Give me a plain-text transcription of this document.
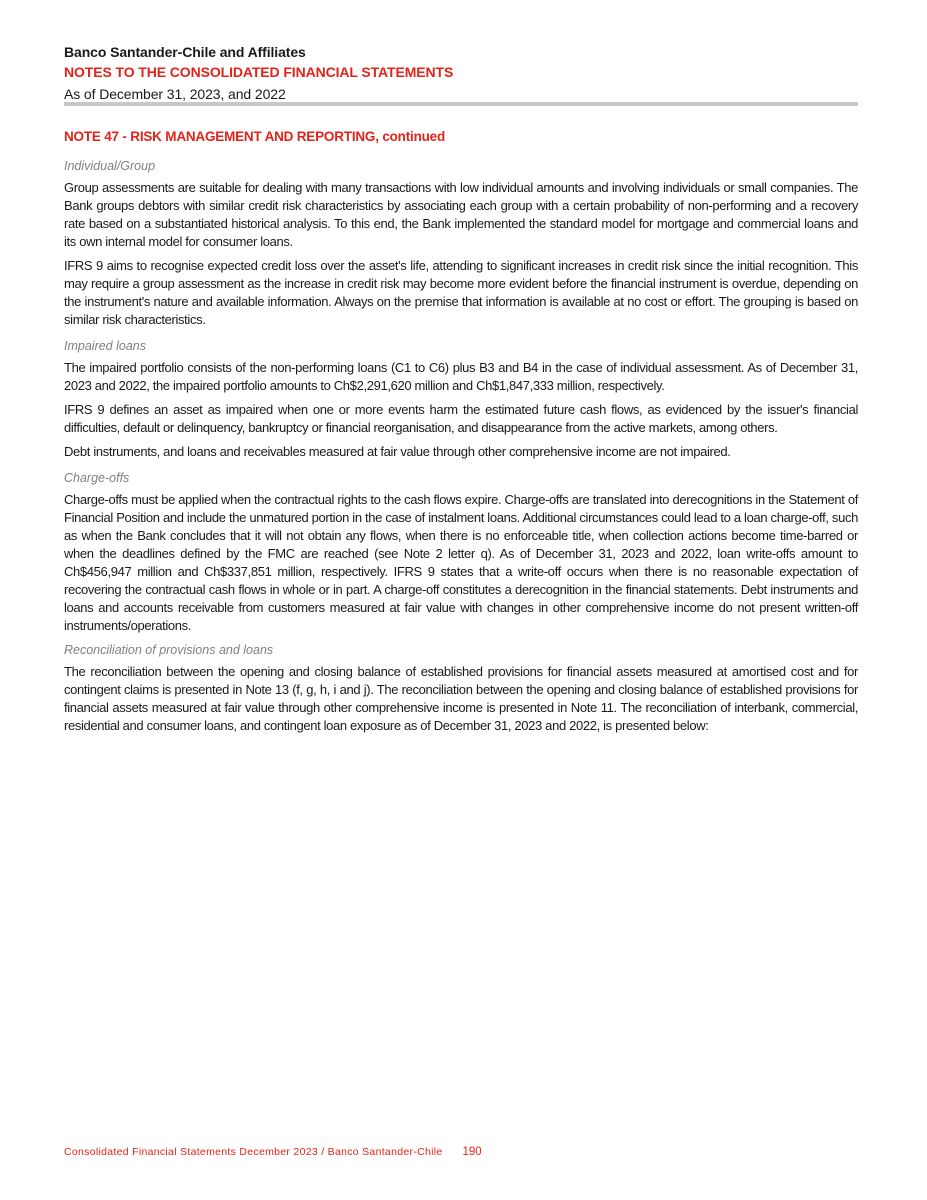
Banco Santander-Chile and Affiliates
NOTES TO THE CONSOLIDATED FINANCIAL STATEMENTS
As of December 31, 2023, and 2022
NOTE 47 - RISK MANAGEMENT AND REPORTING, continued
Individual/Group

Group assessments are suitable for dealing with many transactions with low individual amounts and involving individuals or small companies. The Bank groups debtors with similar credit risk characteristics by associating each group with a certain probability of non-performing and a recovery rate based on a substantiated historical analysis. To this end, the Bank implemented the standard model for mortgage and commercial loans and its own internal model for consumer loans.

IFRS 9 aims to recognise expected credit loss over the asset's life, attending to significant increases in credit risk since the initial recognition. This may require a group assessment as the increase in credit risk may become more evident before the financial instrument is overdue, depending on the instrument's nature and available information. Always on the premise that information is available at no cost or effort. The grouping is based on similar risk characteristics.

Impaired loans

The impaired portfolio consists of the non-performing loans (C1 to C6) plus B3 and B4 in the case of individual assessment. As of December 31, 2023 and 2022, the impaired portfolio amounts to Ch$2,291,620 million and Ch$1,847,333 million, respectively.

IFRS 9 defines an asset as impaired when one or more events harm the estimated future cash flows, as evidenced by the issuer's financial difficulties, default or delinquency, bankruptcy or financial reorganisation, and disappearance from the active markets, among others.

Debt instruments, and loans and receivables measured at fair value through other comprehensive income are not impaired.

Charge-offs

Charge-offs must be applied when the contractual rights to the cash flows expire. Charge-offs are translated into derecognitions in the Statement of Financial Position and include the unmatured portion in the case of instalment loans. Additional circumstances could lead to a loan charge-off, such as when the Bank concludes that it will not obtain any flows, when there is no enforceable title, when collection actions become time-barred or when the deadlines defined by the FMC are reached (see Note 2 letter q). As of December 31, 2023 and 2022, loan write-offs amount to Ch$456,947 million and Ch$337,851 million, respectively. IFRS 9 states that a write-off occurs when there is no reasonable expectation of recovering the contractual cash flows in whole or in part. A charge-off constitutes a derecognition in the financial statements. Debt instruments and loans and accounts receivable from customers measured at fair value with changes in other comprehensive income do not present written-off instruments/operations.

Reconciliation of provisions and loans

The reconciliation between the opening and closing balance of established provisions for financial assets measured at amortised cost and for contingent claims is presented in Note 13 (f, g, h, i and j). The reconciliation between the opening and closing balance of established provisions for financial assets measured at fair value through other comprehensive income is presented in Note 11. The reconciliation of interbank, commercial, residential and consumer loans, and contingent loan exposure as of December 31, 2023 and 2022, is presented below:

Consolidated Financial Statements December 2023 / Banco Santander-Chile 190
